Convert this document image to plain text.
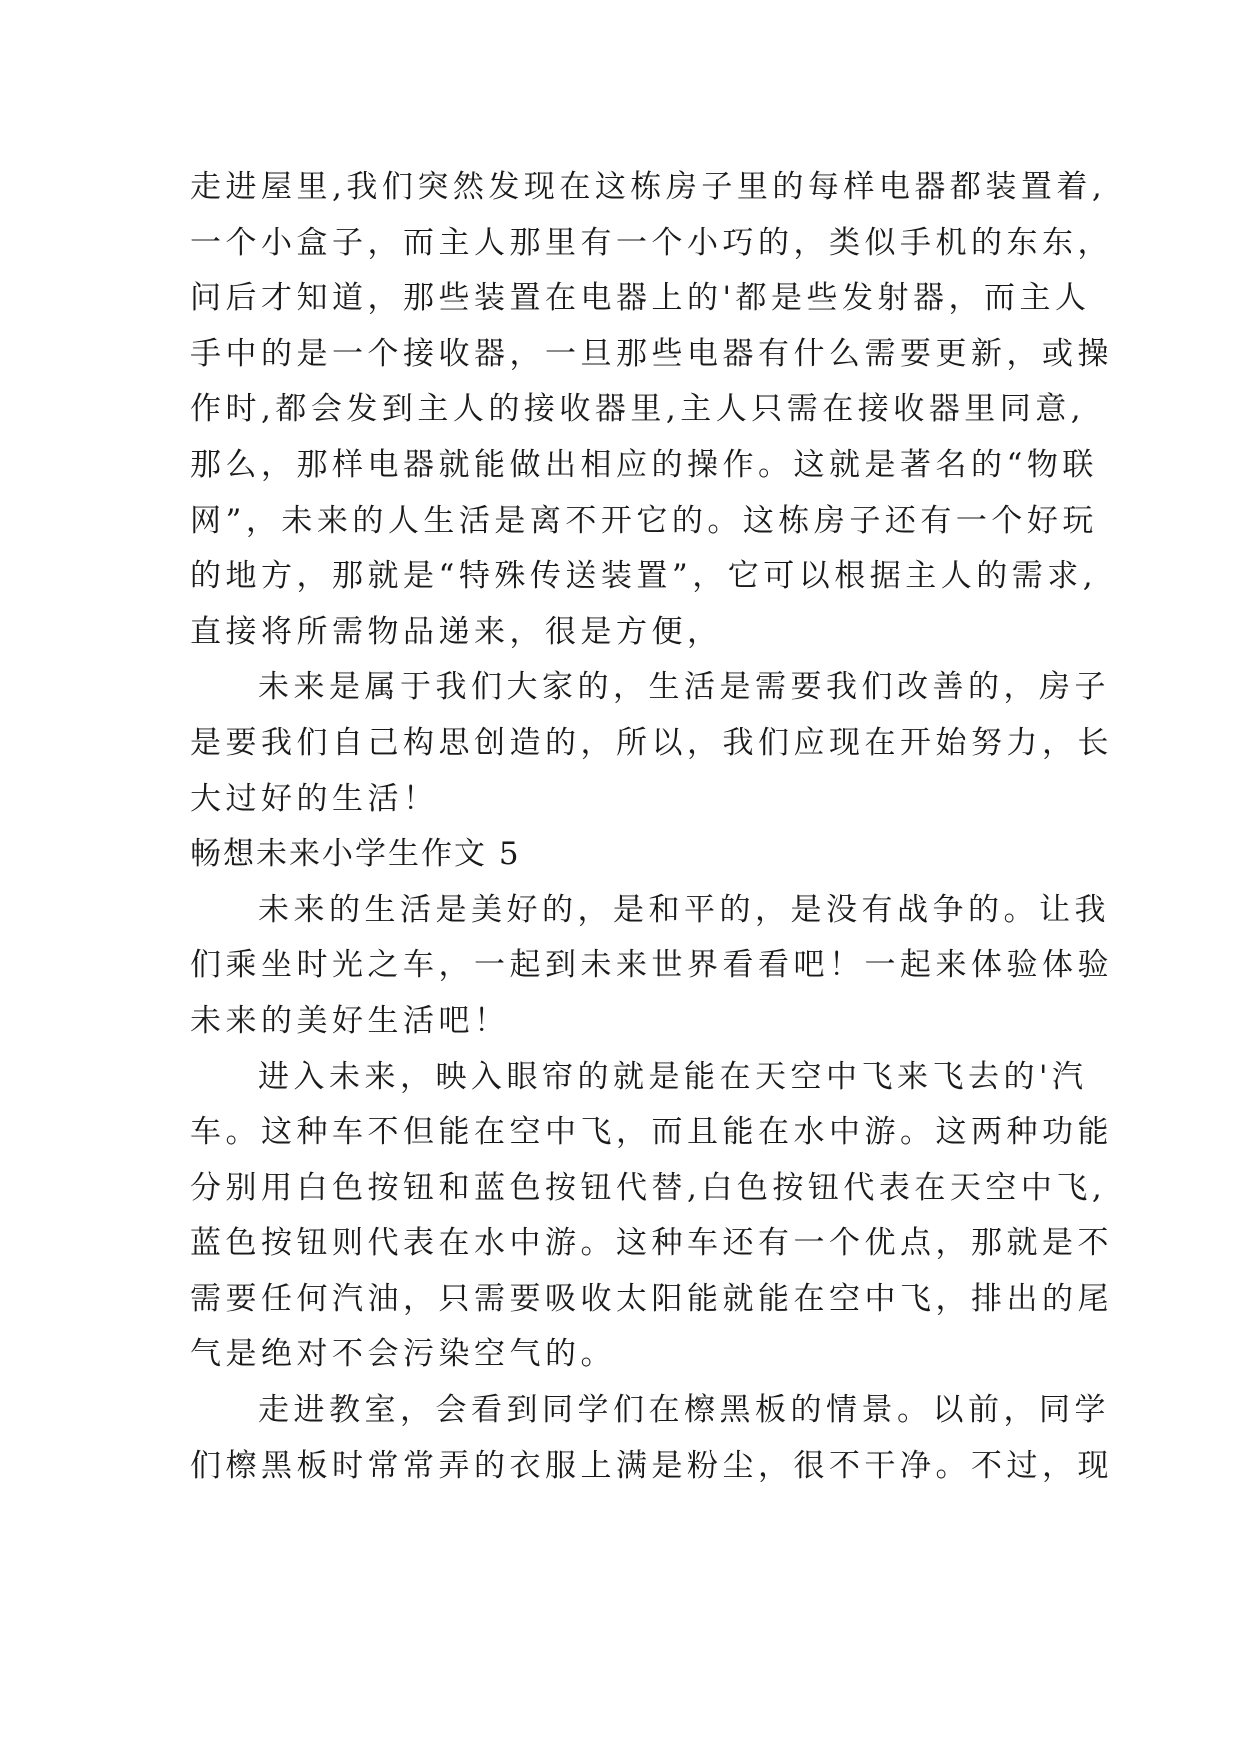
走进屋里,我们突然发现在这栋房子里的每样电器都装置着,
一个小盒子，而主人那里有一个小巧的，类似手机的东东，
问后才知道，那些装置在电器上的'都是些发射器，而主人
手中的是一个接收器，一旦那些电器有什么需要更新，或操
作时,都会发到主人的接收器里,主人只需在接收器里同意,
那么，那样电器就能做出相应的操作。这就是著名的“物联
网”，未来的人生活是离不开它的。这栋房子还有一个好玩
的地方，那就是“特殊传送装置”，它可以根据主人的需求,
直接将所需物品递来，很是方便，
未来是属于我们大家的，生活是需要我们改善的，房子
是要我们自己构思创造的，所以，我们应现在开始努力，长
大过好的生活！
畅想未来小学生作文 5
未来的生活是美好的，是和平的，是没有战争的。让我
们乘坐时光之车，一起到未来世界看看吧！一起来体验体验
未来的美好生活吧！
进入未来，映入眼帘的就是能在天空中飞来飞去的'汽
车。这种车不但能在空中飞，而且能在水中游。这两种功能
分别用白色按钮和蓝色按钮代替,白色按钮代表在天空中飞,
蓝色按钮则代表在水中游。这种车还有一个优点，那就是不
需要任何汽油，只需要吸收太阳能就能在空中飞，排出的尾
气是绝对不会污染空气的。
走进教室，会看到同学们在檫黑板的情景。以前，同学
们檫黑板时常常弄的衣服上满是粉尘，很不干净。不过，现
